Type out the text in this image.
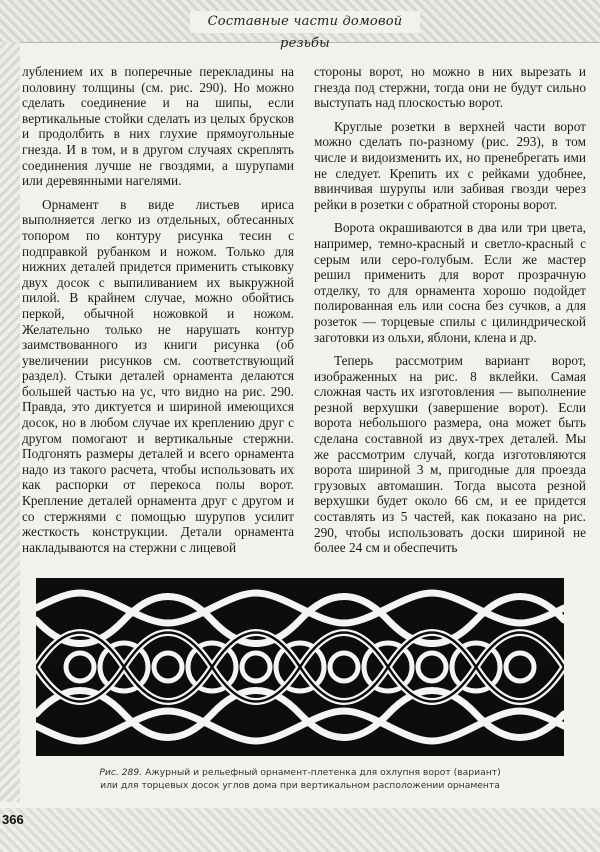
Составные части домовой резьбы

лублением их в поперечные перекладины на половину толщины (см. рис. 290). Но можно сделать соединение и на шипы, если вертикальные стойки сделать из целых брусков и продолбить в них глухие прямоугольные гнезда. И в том, и в другом случаях скреплять соединения лучше не гвоздями, а шурупами или деревянными нагелями.

Орнамент в виде листьев ириса выполняется легко из отдельных, обтесанных топором по контуру рисунка тесин с подправкой рубанком и ножом. Только для нижних деталей придется применить стыковку двух досок с выпиливанием их выкружной пилой. В крайнем случае, можно обойтись перкой, обычной ножовкой и ножом. Желательно только не нарушать контур заимствованного из книги рисунка (об увеличении рисунков см. соответствующий раздел). Стыки деталей орнамента делаются большей частью на ус, что видно на рис. 290. Правда, это диктуется и шириной имеющихся досок, но в любом случае их креплению друг с другом помогают и вертикальные стержни. Подгонять размеры деталей и всего орнамента надо из такого расчета, чтобы использовать их как распорки от перекоса полы ворот. Крепление деталей орнамента друг с другом и со стержнями с помощью шурупов усилит жесткость конструкции. Детали орнамента накладываются на стержни с лицевой

стороны ворот, но можно в них вырезать и гнезда под стержни, тогда они не будут сильно выступать над плоскостью ворот.

Круглые розетки в верхней части ворот можно сделать по-разному (рис. 293), в том числе и видоизменить их, но пренебрегать ими не следует. Крепить их с рейками удобнее, ввинчивая шурупы или забивая гвозди через рейки в розетки с обратной стороны ворот.

Ворота окрашиваются в два или три цвета, например, темно-красный и светло-красный с серым или серо-голубым. Если же мастер решил применить для ворот прозрачную отделку, то для орнамента хорошо подойдет полированная ель или сосна без сучков, а для розеток — торцевые спилы с цилиндрической заготовки из ольхи, яблони, клена и др.

Теперь рассмотрим вариант ворот, изображенных на рис. 8 вклейки. Самая сложная часть их изготовления — выполнение резной верхушки (завершение ворот). Если ворота небольшого размера, она может быть сделана составной из двух-трех деталей. Мы же рассмотрим случай, когда изготовляются ворота шириной 3 м, пригодные для проезда грузовых автомашин. Тогда высота резной верхушки будет около 66 см, и ее придется составлять из 5 частей, как показано на рис. 290, чтобы использовать доски шириной не более 24 см и обеспечить

Рис. 289. Ажурный и рельефный орнамент-плетенка для охлупня ворот (вариант)
или для торцевых досок углов дома при вертикальном расположении орнамента
366
